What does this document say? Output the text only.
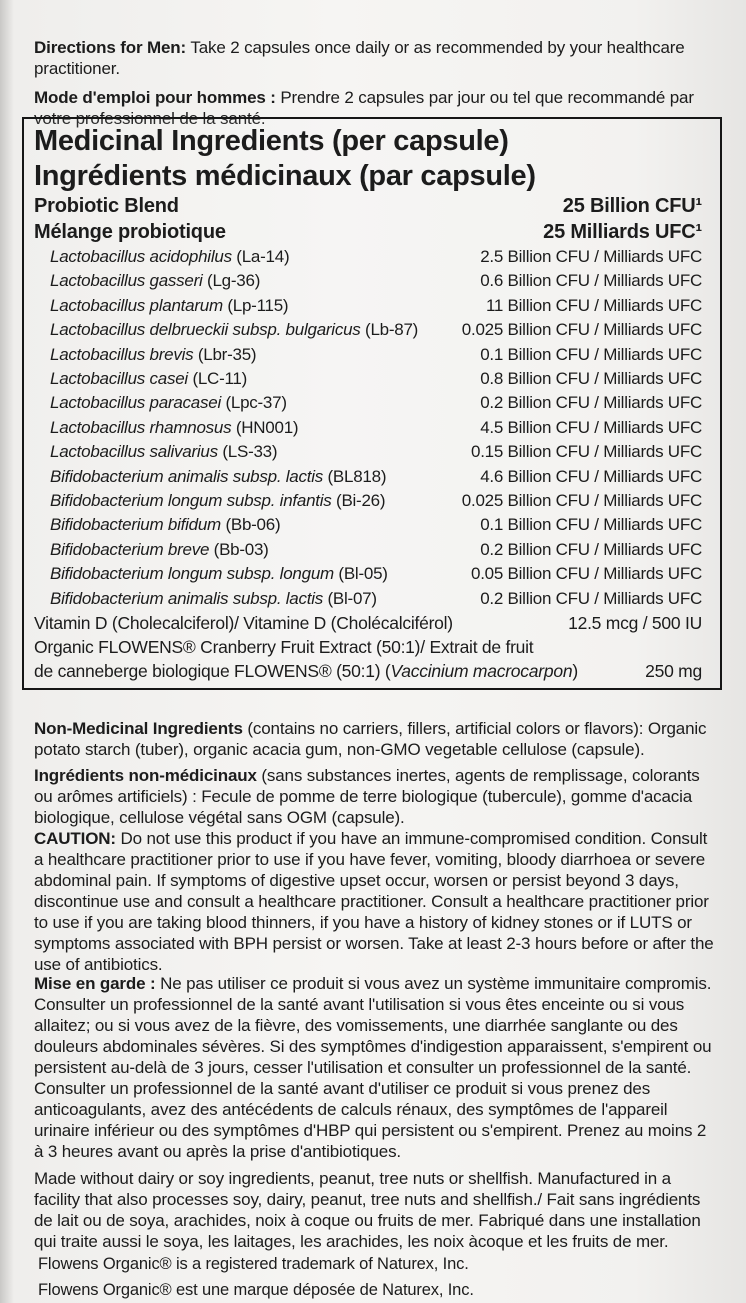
Directions for Men: Take 2 capsules once daily or as recommended by your healthcare practitioner.

Mode d'emploi pour hommes : Prendre 2 capsules par jour ou tel que recommandé par votre professionnel de la santé.

Medicinal Ingredients (per capsule)
Ingrédients médicinaux (par capsule)
Probiotic Blend	25 Billion CFU¹
Mélange probiotique	25 Milliards UFC¹
Lactobacillus acidophilus (La-14)	2.5 Billion CFU / Milliards UFC
Lactobacillus gasseri (Lg-36)	0.6 Billion CFU / Milliards UFC
Lactobacillus plantarum (Lp-115)	11 Billion CFU / Milliards UFC
Lactobacillus delbrueckii subsp. bulgaricus (Lb-87)	0.025 Billion CFU / Milliards UFC
Lactobacillus brevis (Lbr-35)	0.1 Billion CFU / Milliards UFC
Lactobacillus casei (LC-11)	0.8 Billion CFU / Milliards UFC
Lactobacillus paracasei (Lpc-37)	0.2 Billion CFU / Milliards UFC
Lactobacillus rhamnosus (HN001)	4.5 Billion CFU / Milliards UFC
Lactobacillus salivarius (LS-33)	0.15 Billion CFU / Milliards UFC
Bifidobacterium animalis subsp. lactis (BL818)	4.6 Billion CFU / Milliards UFC
Bifidobacterium longum subsp. infantis (Bi-26)	0.025 Billion CFU / Milliards UFC
Bifidobacterium bifidum (Bb-06)	0.1 Billion CFU / Milliards UFC
Bifidobacterium breve (Bb-03)	0.2 Billion CFU / Milliards UFC
Bifidobacterium longum subsp. longum (Bl-05)	0.05 Billion CFU / Milliards UFC
Bifidobacterium animalis subsp. lactis (Bl-07)	0.2 Billion CFU / Milliards UFC
Vitamin D (Cholecalciferol)/ Vitamine D (Cholécalciférol)	12.5 mcg / 500 IU
Organic FLOWENS® Cranberry Fruit Extract (50:1)/ Extrait de fruit
de canneberge biologique FLOWENS® (50:1) (Vaccinium macrocarpon)	250 mg

Non-Medicinal Ingredients (contains no carriers, fillers, artificial colors or flavors): Organic potato starch (tuber), organic acacia gum, non-GMO vegetable cellulose (capsule).

Ingrédients non-médicinaux (sans substances inertes, agents de remplissage, colorants ou arômes artificiels) : Fecule de pomme de terre biologique (tubercule), gomme d'acacia biologique, cellulose végétal sans OGM (capsule).

CAUTION: Do not use this product if you have an immune-compromised condition. Consult a healthcare practitioner prior to use if you have fever, vomiting, bloody diarrhoea or severe abdominal pain. If symptoms of digestive upset occur, worsen or persist beyond 3 days, discontinue use and consult a healthcare practitioner. Consult a healthcare practitioner prior to use if you are taking blood thinners, if you have a history of kidney stones or if LUTS or symptoms associated with BPH persist or worsen. Take at least 2-3 hours before or after the use of antibiotics.

Mise en garde : Ne pas utiliser ce produit si vous avez un système immunitaire compromis. Consulter un professionnel de la santé avant l'utilisation si vous êtes enceinte ou si vous allaitez; ou si vous avez de la fièvre, des vomissements, une diarrhée sanglante ou des douleurs abdominales sévères. Si des symptômes d'indigestion apparaissent, s'empirent ou persistent au-delà de 3 jours, cesser l'utilisation et consulter un professionnel de la santé. Consulter un professionnel de la santé avant d'utiliser ce produit si vous prenez des anticoagulants, avez des antécédents de calculs rénaux, des symptômes de l'appareil urinaire inférieur ou des symptômes d'HBP qui persistent ou s'empirent. Prenez au moins 2 à 3 heures avant ou après la prise d'antibiotiques.

Made without dairy or soy ingredients, peanut, tree nuts or shellfish. Manufactured in a facility that also processes soy, dairy, peanut, tree nuts and shellfish./ Fait sans ingrédients de lait ou de soya, arachides, noix à coque ou fruits de mer. Fabriqué dans une installation qui traite aussi le soya, les laitages, les arachides, les noix àcoque et les fruits de mer.

Flowens Organic® is a registered trademark of Naturex, Inc.
Flowens Organic® est une marque déposée de Naturex, Inc.
